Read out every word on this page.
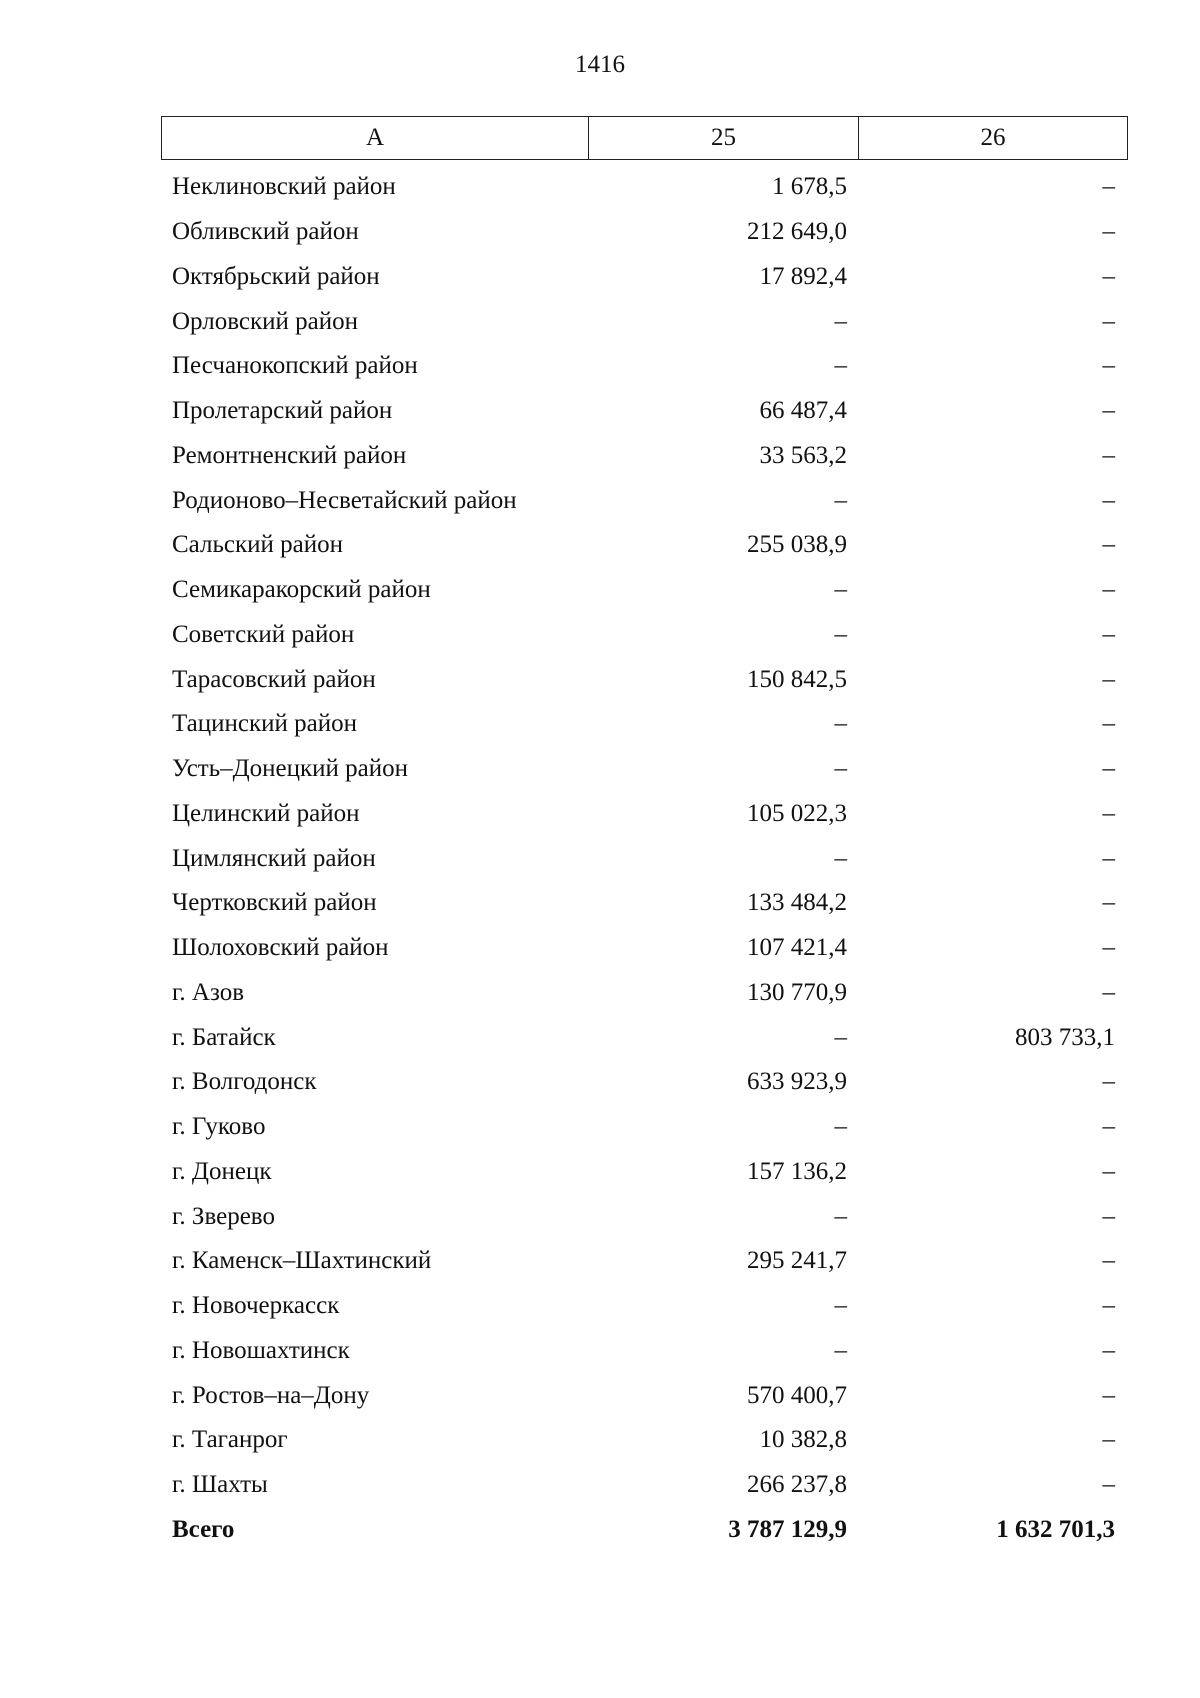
1416
А	25	26
Неклиновский район	1 678,5	–
Обливский район	212 649,0	–
Октябрьский район	17 892,4	–
Орловский район	–	–
Песчанокопский район	–	–
Пролетарский район	66 487,4	–
Ремонтненский район	33 563,2	–
Родионово–Несветайский район	–	–
Сальский район	255 038,9	–
Семикаракорский район	–	–
Советский район	–	–
Тарасовский район	150 842,5	–
Тацинский район	–	–
Усть–Донецкий район	–	–
Целинский район	105 022,3	–
Цимлянский район	–	–
Чертковский район	133 484,2	–
Шолоховский район	107 421,4	–
г. Азов	130 770,9	–
г. Батайск	–	803 733,1
г. Волгодонск	633 923,9	–
г. Гуково	–	–
г. Донецк	157 136,2	–
г. Зверево	–	–
г. Каменск–Шахтинский	295 241,7	–
г. Новочеркасск	–	–
г. Новошахтинск	–	–
г. Ростов–на–Дону	570 400,7	–
г. Таганрог	10 382,8	–
г. Шахты	266 237,8	–
Всего	3 787 129,9	1 632 701,3
